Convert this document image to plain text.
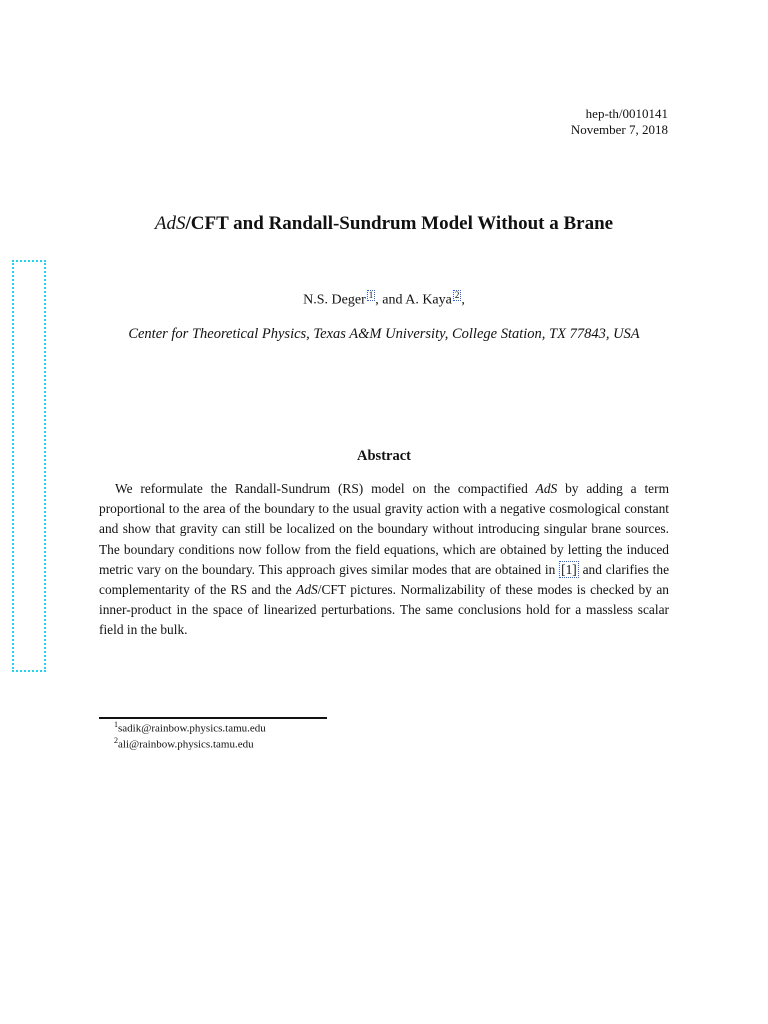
hep-th/0010141
November 7, 2018
AdS/CFT and Randall-Sundrum Model Without a Brane
N.S. Deger 1 , and A. Kaya 2 ,
Center for Theoretical Physics, Texas A&M University, College Station, TX 77843, USA
Abstract
We reformulate the Randall-Sundrum (RS) model on the compactified AdS by adding a term proportional to the area of the boundary to the usual gravity action with a negative cosmological constant and show that gravity can still be localized on the boundary without introducing singular brane sources. The boundary conditions now follow from the field equations, which are obtained by letting the induced metric vary on the boundary. This approach gives similar modes that are obtained in [1] and clarifies the complementarity of the RS and the AdS/CFT pictures. Normalizability of these modes is checked by an inner-product in the space of linearized perturbations. The same conclusions hold for a massless scalar field in the bulk.
$^1$sadik@rainbow.physics.tamu.edu
$^2$ali@rainbow.physics.tamu.edu
